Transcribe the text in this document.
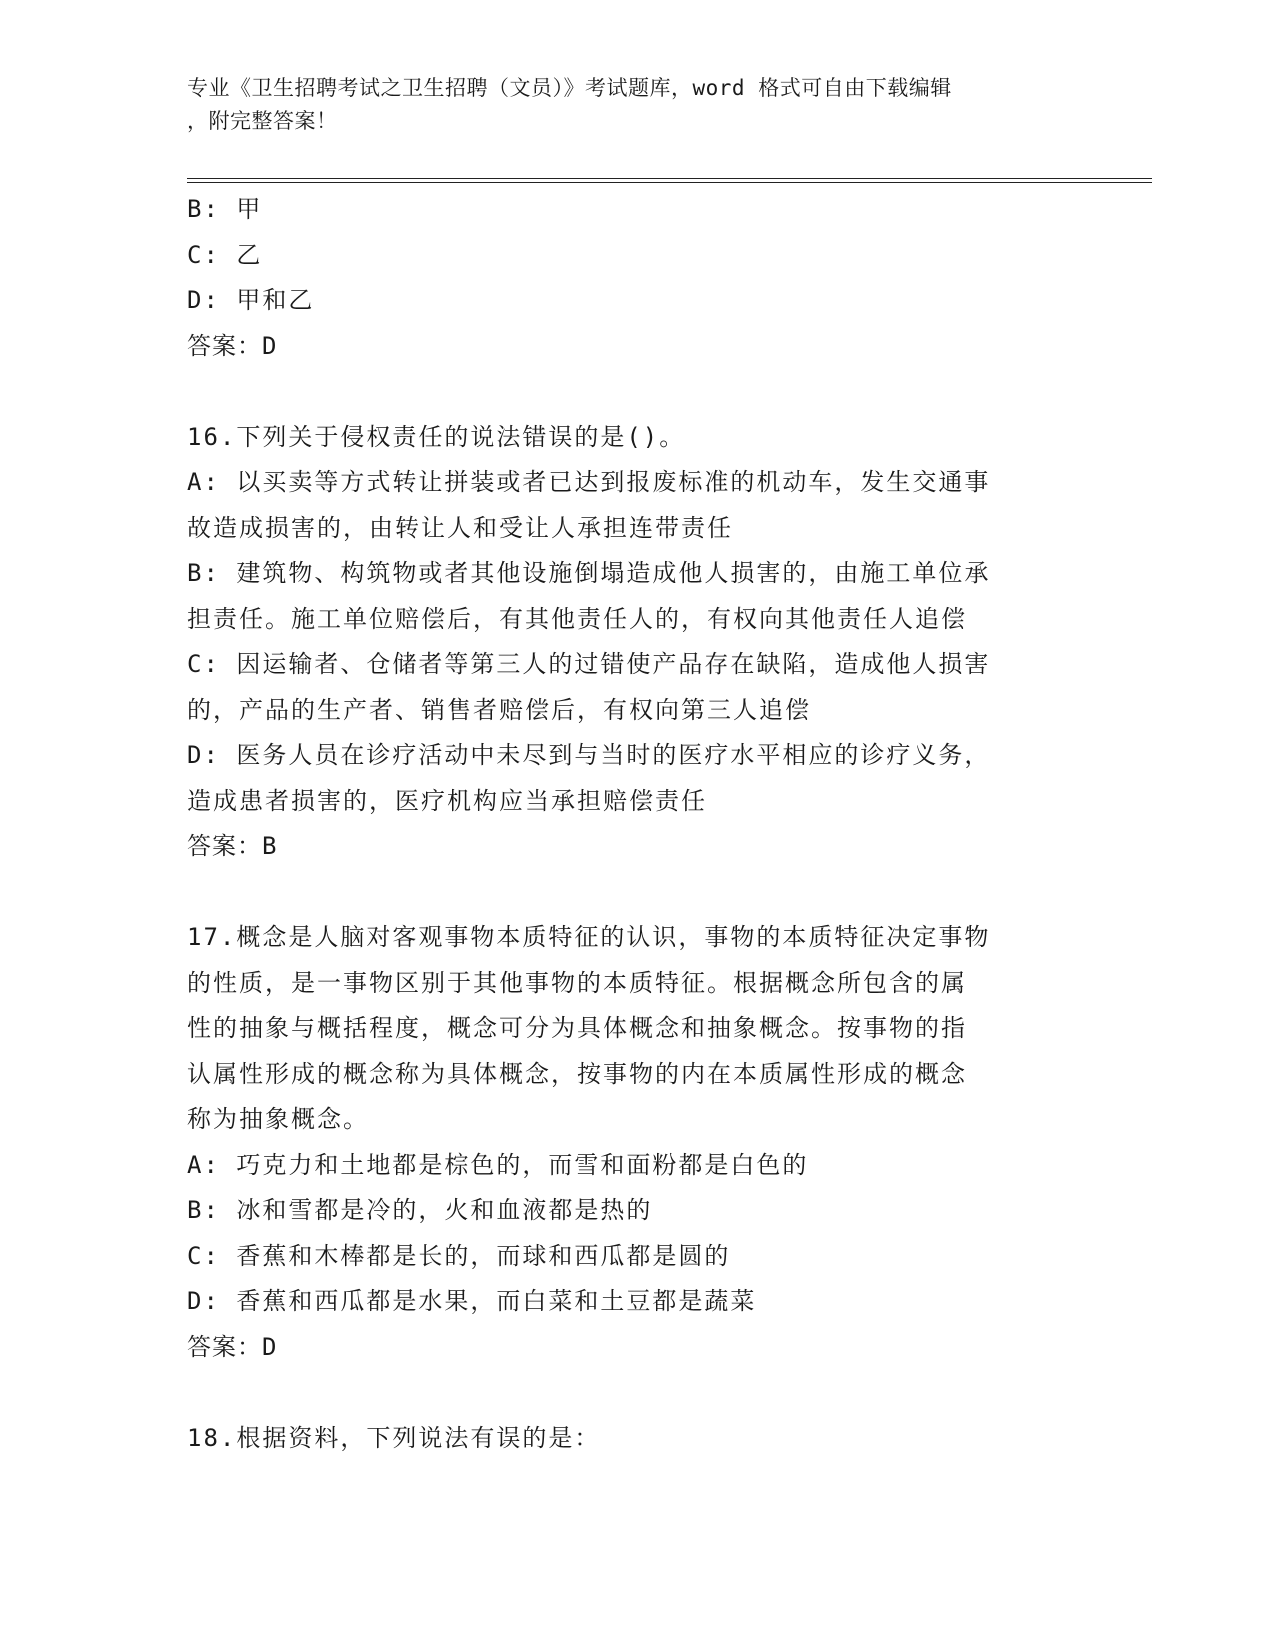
专业《卫生招聘考试之卫生招聘（文员）》考试题库，word 格式可自由下载编辑
，附完整答案！
B: 甲
C: 乙
D: 甲和乙
答案：D
16.下列关于侵权责任的说法错误的是()。
A: 以买卖等方式转让拼装或者已达到报废标准的机动车，发生交通事
故造成损害的，由转让人和受让人承担连带责任
B: 建筑物、构筑物或者其他设施倒塌造成他人损害的，由施工单位承
担责任。施工单位赔偿后，有其他责任人的，有权向其他责任人追偿
C: 因运输者、仓储者等第三人的过错使产品存在缺陷，造成他人损害
的，产品的生产者、销售者赔偿后，有权向第三人追偿
D: 医务人员在诊疗活动中未尽到与当时的医疗水平相应的诊疗义务，
造成患者损害的，医疗机构应当承担赔偿责任
答案：B
17.概念是人脑对客观事物本质特征的认识，事物的本质特征决定事物
的性质，是一事物区别于其他事物的本质特征。根据概念所包含的属
性的抽象与概括程度，概念可分为具体概念和抽象概念。按事物的指
认属性形成的概念称为具体概念，按事物的内在本质属性形成的概念
称为抽象概念。
A: 巧克力和土地都是棕色的，而雪和面粉都是白色的
B: 冰和雪都是冷的，火和血液都是热的
C: 香蕉和木棒都是长的，而球和西瓜都是圆的
D: 香蕉和西瓜都是水果，而白菜和土豆都是蔬菜
答案：D
18.根据资料，下列说法有误的是：
